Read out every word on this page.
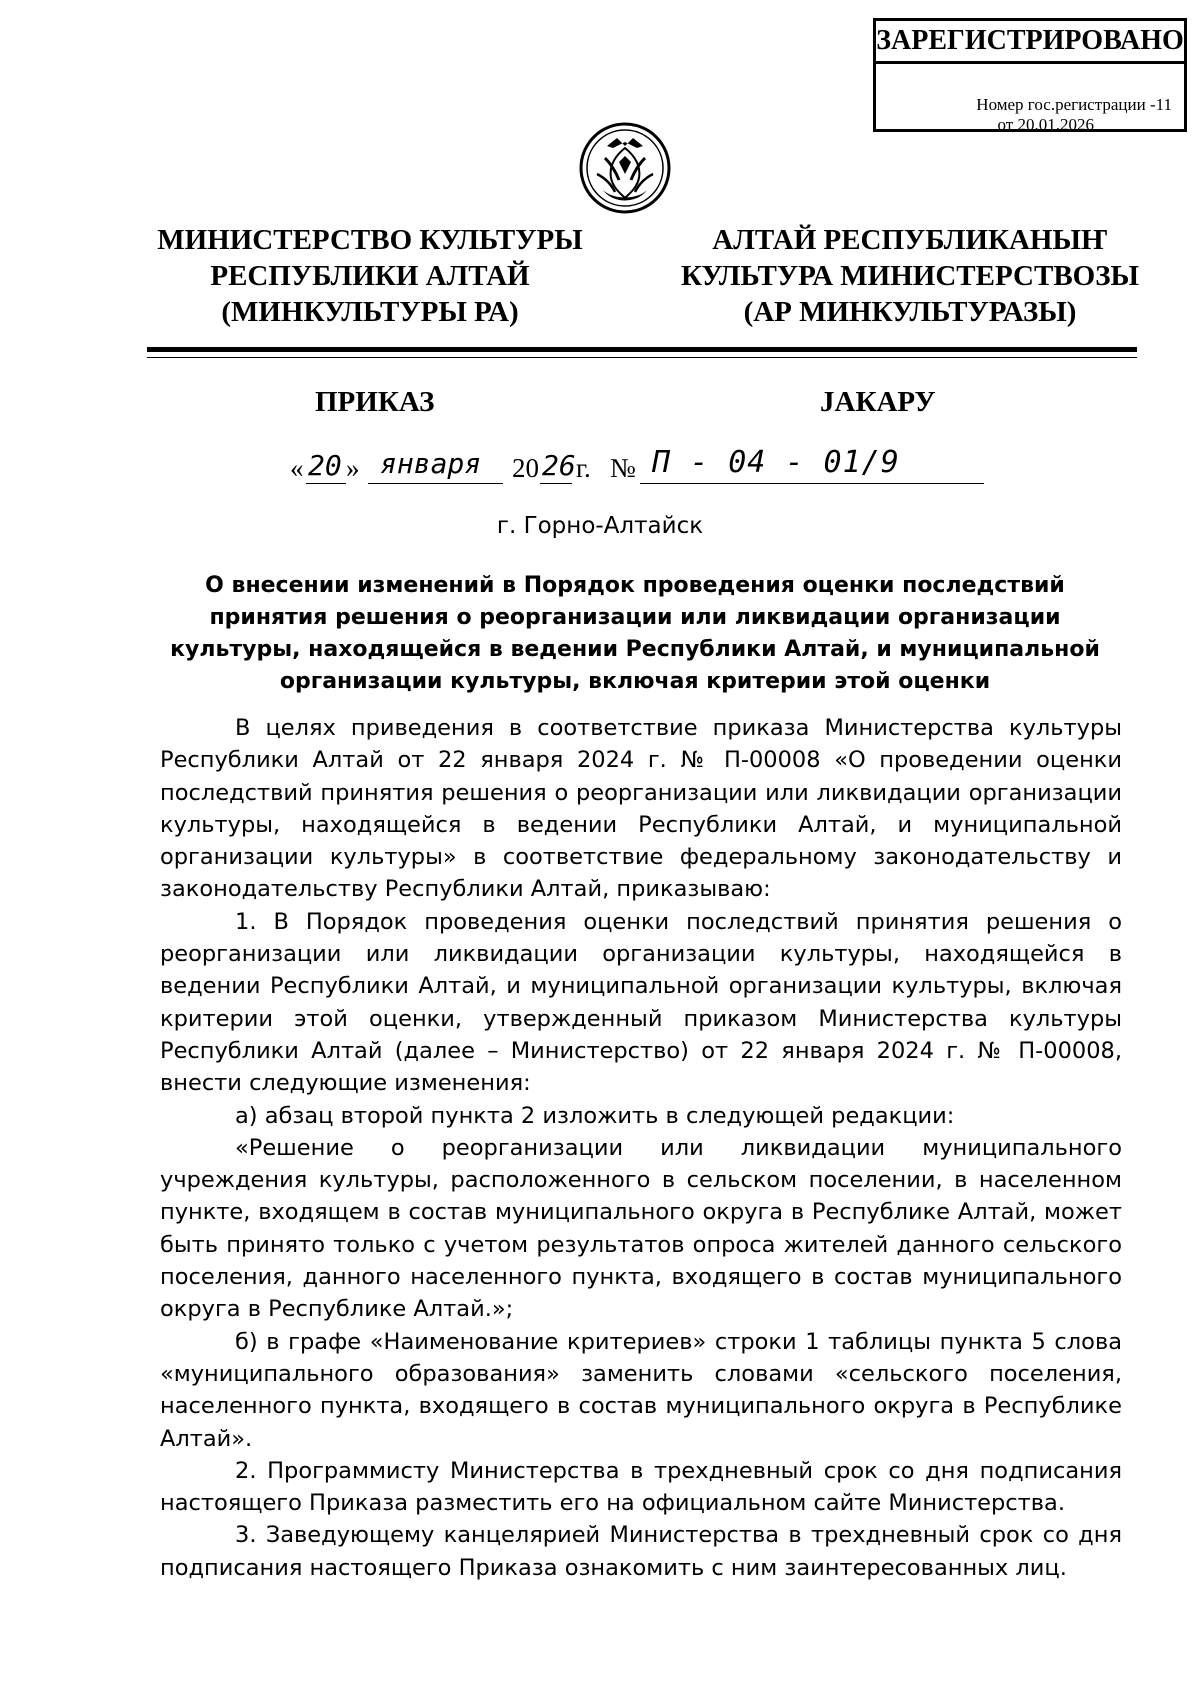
ЗАРЕГИСТРИРОВАНО
Номер гос.регистрации -11
от 20.01.2026
МИНИСТЕРСТВО КУЛЬТУРЫ
РЕСПУБЛИКИ АЛТАЙ
(МИНКУЛЬТУРЫ РА)
АЛТАЙ РЕСПУБЛИКАНЫҤ
КУЛЬТУРА МИНИСТЕРСТВОЗЫ
(АР МИНКУЛЬТУРАЗЫ)
ПРИКАЗ	ЈАКАРУ
« 20 » января 20 26 г. № П - 04 - 01/9
г. Горно-Алтайск
О внесении изменений в Порядок проведения оценки последствий принятия решения о реорганизации или ликвидации организации культуры, находящейся в ведении Республики Алтай, и муниципальной организации культуры, включая критерии этой оценки

В целях приведения в соответствие приказа Министерства культуры Республики Алтай от 22 января 2024 г. № П-00008 «О проведении оценки последствий принятия решения о реорганизации или ликвидации организации культуры, находящейся в ведении Республики Алтай, и муниципальной организации культуры» в соответствие федеральному законодательству и законодательству Республики Алтай, приказываю:

1. В Порядок проведения оценки последствий принятия решения о реорганизации или ликвидации организации культуры, находящейся в ведении Республики Алтай, и муниципальной организации культуры, включая критерии этой оценки, утвержденный приказом Министерства культуры Республики Алтай (далее – Министерство) от 22 января 2024 г. № П-00008, внести следующие изменения:

а) абзац второй пункта 2 изложить в следующей редакции:

«Решение о реорганизации или ликвидации муниципального учреждения культуры, расположенного в сельском поселении, в населенном пункте, входящем в состав муниципального округа в Республике Алтай, может быть принято только с учетом результатов опроса жителей данного сельского поселения, данного населенного пункта, входящего в состав муниципального округа в Республике Алтай.»;

б) в графе «Наименование критериев» строки 1 таблицы пункта 5 слова «муниципального образования» заменить словами «сельского поселения, населенного пункта, входящего в состав муниципального округа в Республике Алтай».

2. Программисту Министерства в трехдневный срок со дня подписания настоящего Приказа разместить его на официальном сайте Министерства.

3. Заведующему канцелярией Министерства в трехдневный срок со дня подписания настоящего Приказа ознакомить с ним заинтересованных лиц.
